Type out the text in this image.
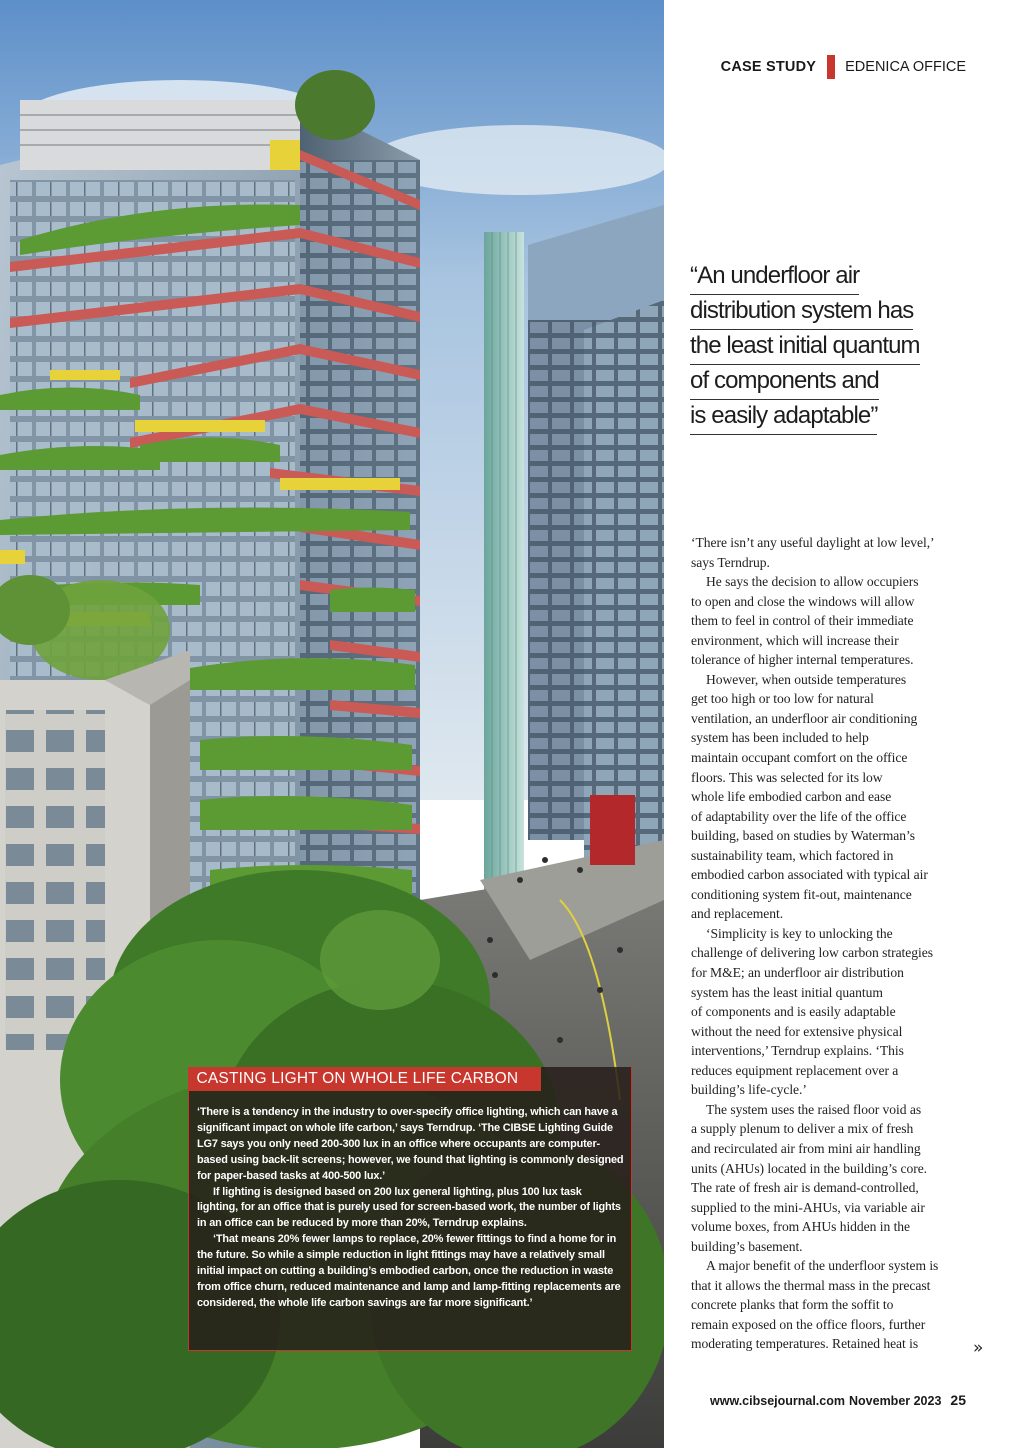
CASTING LIGHT ON WHOLE LIFE CARBON

‘There is a tendency in the industry to over-specify office lighting, which can have a significant impact on whole life carbon,’ says Terndrup. ‘The CIBSE Lighting Guide LG7 says you only need 200-300 lux in an office where occupants are computer-based using back-lit screens; however, we found that lighting is commonly designed for paper-based tasks at 400-500 lux.’

If lighting is designed based on 200 lux general lighting, plus 100 lux task lighting, for an office that is purely used for screen-based work, the number of lights in an office can be reduced by more than 20%, Terndrup explains.

‘That means 20% fewer lamps to replace, 20% fewer fittings to find a home for in the future. So while a simple reduction in light fittings may have a relatively small initial impact on cutting a building’s embodied carbon, once the reduction in waste from office churn, reduced maintenance and lamp and lamp-fitting replacements are considered, the whole life carbon savings are far more significant.’

CASE STUDY EDENICA OFFICE
“An underfloor air
distribution system has
the least initial quantum
of components and
is easily adaptable”

‘There isn’t any useful daylight at low level,’
says Terndrup.

He says the decision to allow occupiers
to open and close the windows will allow
them to feel in control of their immediate
environment, which will increase their
tolerance of higher internal temperatures.

However, when outside temperatures
get too high or too low for natural
ventilation, an underfloor air conditioning
system has been included to help
maintain occupant comfort on the office
floors. This was selected for its low
whole life embodied carbon and ease
of adaptability over the life of the office
building, based on studies by Waterman’s
sustainability team, which factored in
embodied carbon associated with typical air
conditioning system fit-out, maintenance
and replacement.

‘Simplicity is key to unlocking the
challenge of delivering low carbon strategies
for M&E; an underfloor air distribution
system has the least initial quantum
of components and is easily adaptable
without the need for extensive physical
interventions,’ Terndrup explains. ‘This
reduces equipment replacement over a
building’s life-cycle.’

The system uses the raised floor void as
a supply plenum to deliver a mix of fresh
and recirculated air from mini air handling
units (AHUs) located in the building’s core.
The rate of fresh air is demand-controlled,
supplied to the mini-AHUs, via variable air
volume boxes, from AHUs hidden in the
building’s basement.

A major benefit of the underfloor system is
that it allows the thermal mass in the precast
concrete planks that form the soffit to
remain exposed on the office floors, further
moderating temperatures. Retained heat is	»
www.cibsejournal.com November 2023 25
